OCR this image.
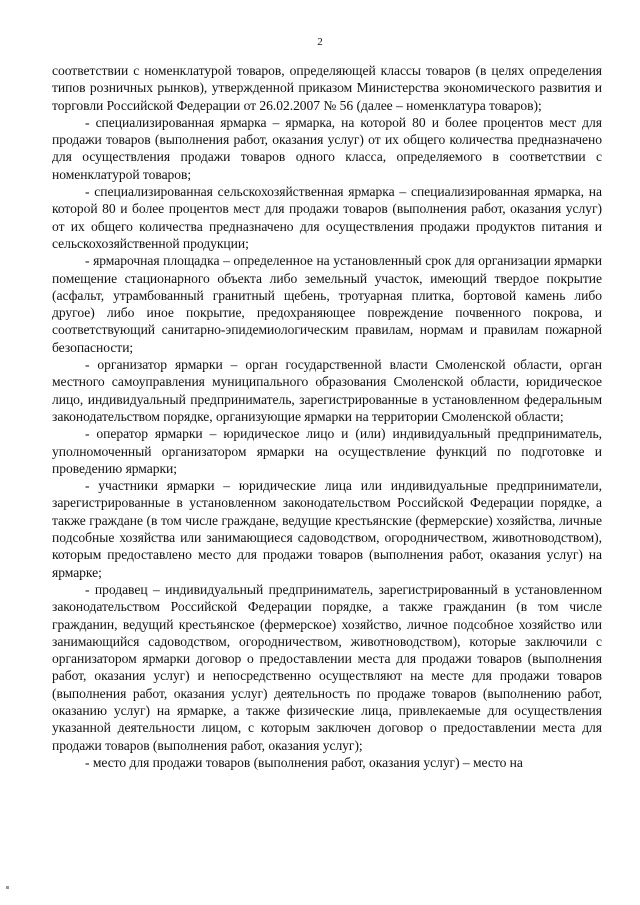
2

соответствии с номенклатурой товаров, определяющей классы товаров (в целях определения типов розничных рынков), утвержденной приказом Министерства экономического развития и торговли Российской Федерации от 26.02.2007 № 56 (далее – номенклатура товаров);

- специализированная ярмарка – ярмарка, на которой 80 и более процентов мест для продажи товаров (выполнения работ, оказания услуг) от их общего количества предназначено для осуществления продажи товаров одного класса, определяемого в соответствии с номенклатурой товаров;

- специализированная сельскохозяйственная ярмарка – специализированная ярмарка, на которой 80 и более процентов мест для продажи товаров (выполнения работ, оказания услуг) от их общего количества предназначено для осуществления продажи продуктов питания и сельскохозяйственной продукции;

- ярмарочная площадка – определенное на установленный срок для организации ярмарки помещение стационарного объекта либо земельный участок, имеющий твердое покрытие (асфальт, утрамбованный гранитный щебень, тротуарная плитка, бортовой камень либо другое) либо иное покрытие, предохраняющее повреждение почвенного покрова, и соответствующий санитарно-эпидемиологическим правилам, нормам и правилам пожарной безопасности;

- организатор ярмарки – орган государственной власти Смоленской области, орган местного самоуправления муниципального образования Смоленской области, юридическое лицо, индивидуальный предприниматель, зарегистрированные в установленном федеральным законодательством порядке, организующие ярмарки на территории Смоленской области;

- оператор ярмарки – юридическое лицо и (или) индивидуальный предприниматель, уполномоченный организатором ярмарки на осуществление функций по подготовке и проведению ярмарки;

- участники ярмарки – юридические лица или индивидуальные предприниматели, зарегистрированные в установленном законодательством Российской Федерации порядке, а также граждане (в том числе граждане, ведущие крестьянские (фермерские) хозяйства, личные подсобные хозяйства или занимающиеся садоводством, огородничеством, животноводством), которым предоставлено место для продажи товаров (выполнения работ, оказания услуг) на ярмарке;

- продавец – индивидуальный предприниматель, зарегистрированный в установленном законодательством Российской Федерации порядке, а также гражданин (в том числе гражданин, ведущий крестьянское (фермерское) хозяйство, личное подсобное хозяйство или занимающийся садоводством, огородничеством, животноводством), которые заключили с организатором ярмарки договор о предоставлении места для продажи товаров (выполнения работ, оказания услуг) и непосредственно осуществляют на месте для продажи товаров (выполнения работ, оказания услуг) деятельность по продаже товаров (выполнению работ, оказанию услуг) на ярмарке, а также физические лица, привлекаемые для осуществления указанной деятельности лицом, с которым заключен договор о предоставлении места для продажи товаров (выполнения работ, оказания услуг);

- место для продажи товаров (выполнения работ, оказания услуг) – место на
